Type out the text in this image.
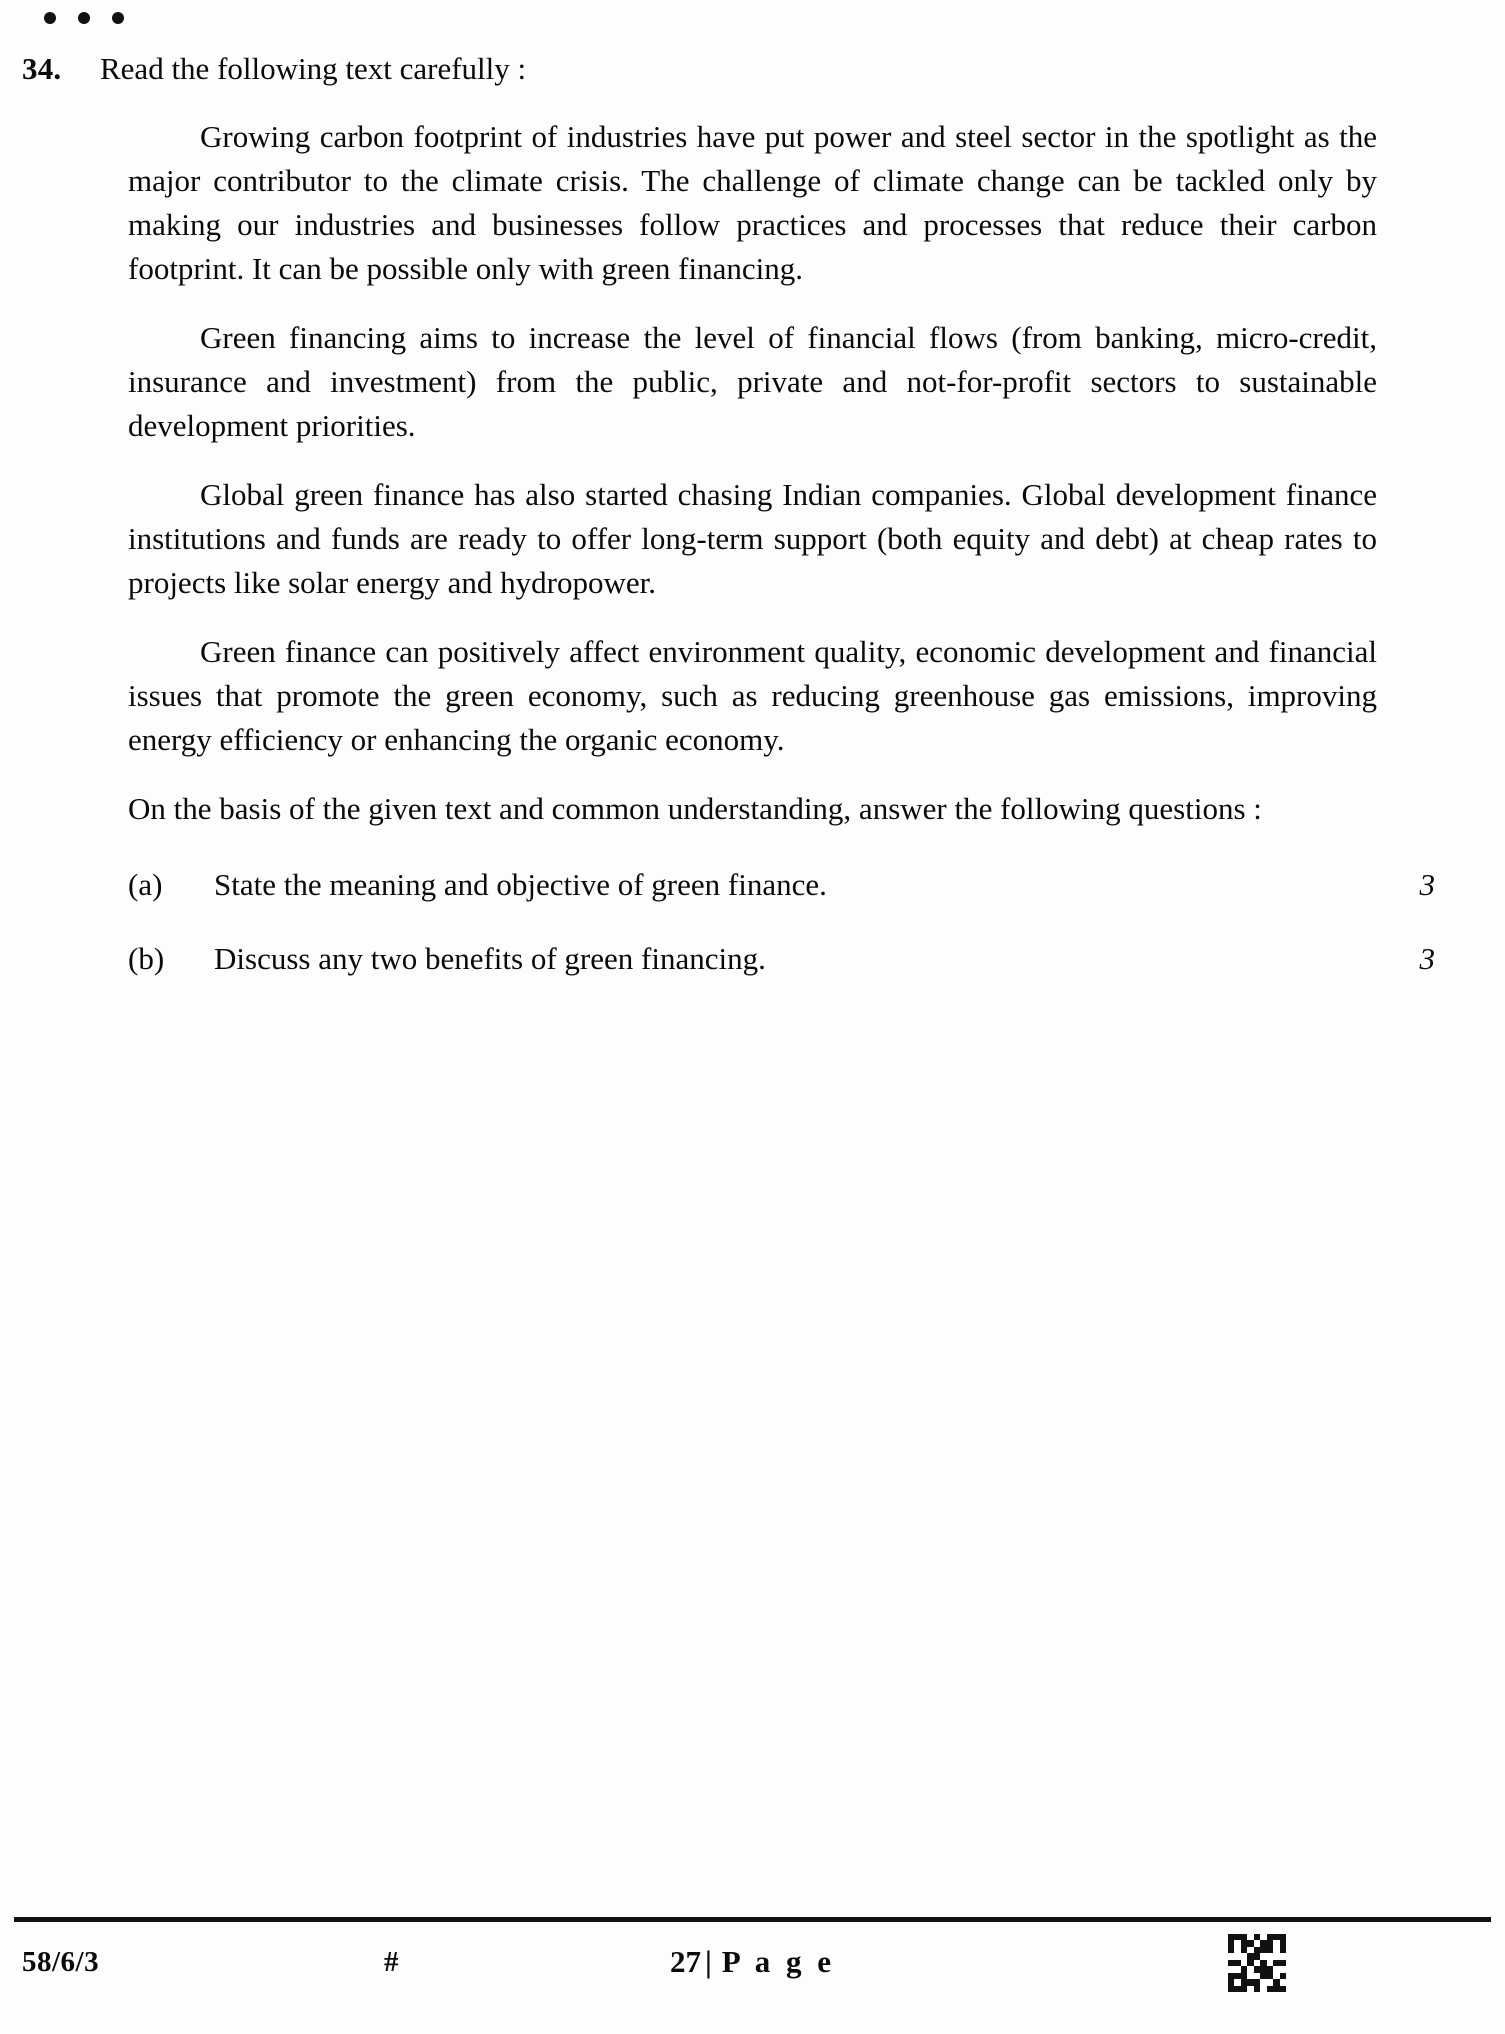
34.	Read the following text carefully :

Growing carbon footprint of industries have put power and steel sector in the spotlight as the major contributor to the climate crisis. The challenge of climate change can be tackled only by making our industries and businesses follow practices and processes that reduce their carbon footprint. It can be possible only with green financing.

Green financing aims to increase the level of financial flows (from banking, micro-credit, insurance and investment) from the public, private and not-for-profit sectors to sustainable development priorities.

Global green finance has also started chasing Indian companies. Global development finance institutions and funds are ready to offer long-term support (both equity and debt) at cheap rates to projects like solar energy and hydropower.

Green finance can positively affect environment quality, economic development and financial issues that promote the green economy, such as reducing greenhouse gas emissions, improving energy efficiency or enhancing the organic economy.

On the basis of the given text and common understanding, answer the following questions :

(a)	State the meaning and objective of green finance.	3
(b)	Discuss any two benefits of green financing.	3
58/6/3	#	27 | P a g e
